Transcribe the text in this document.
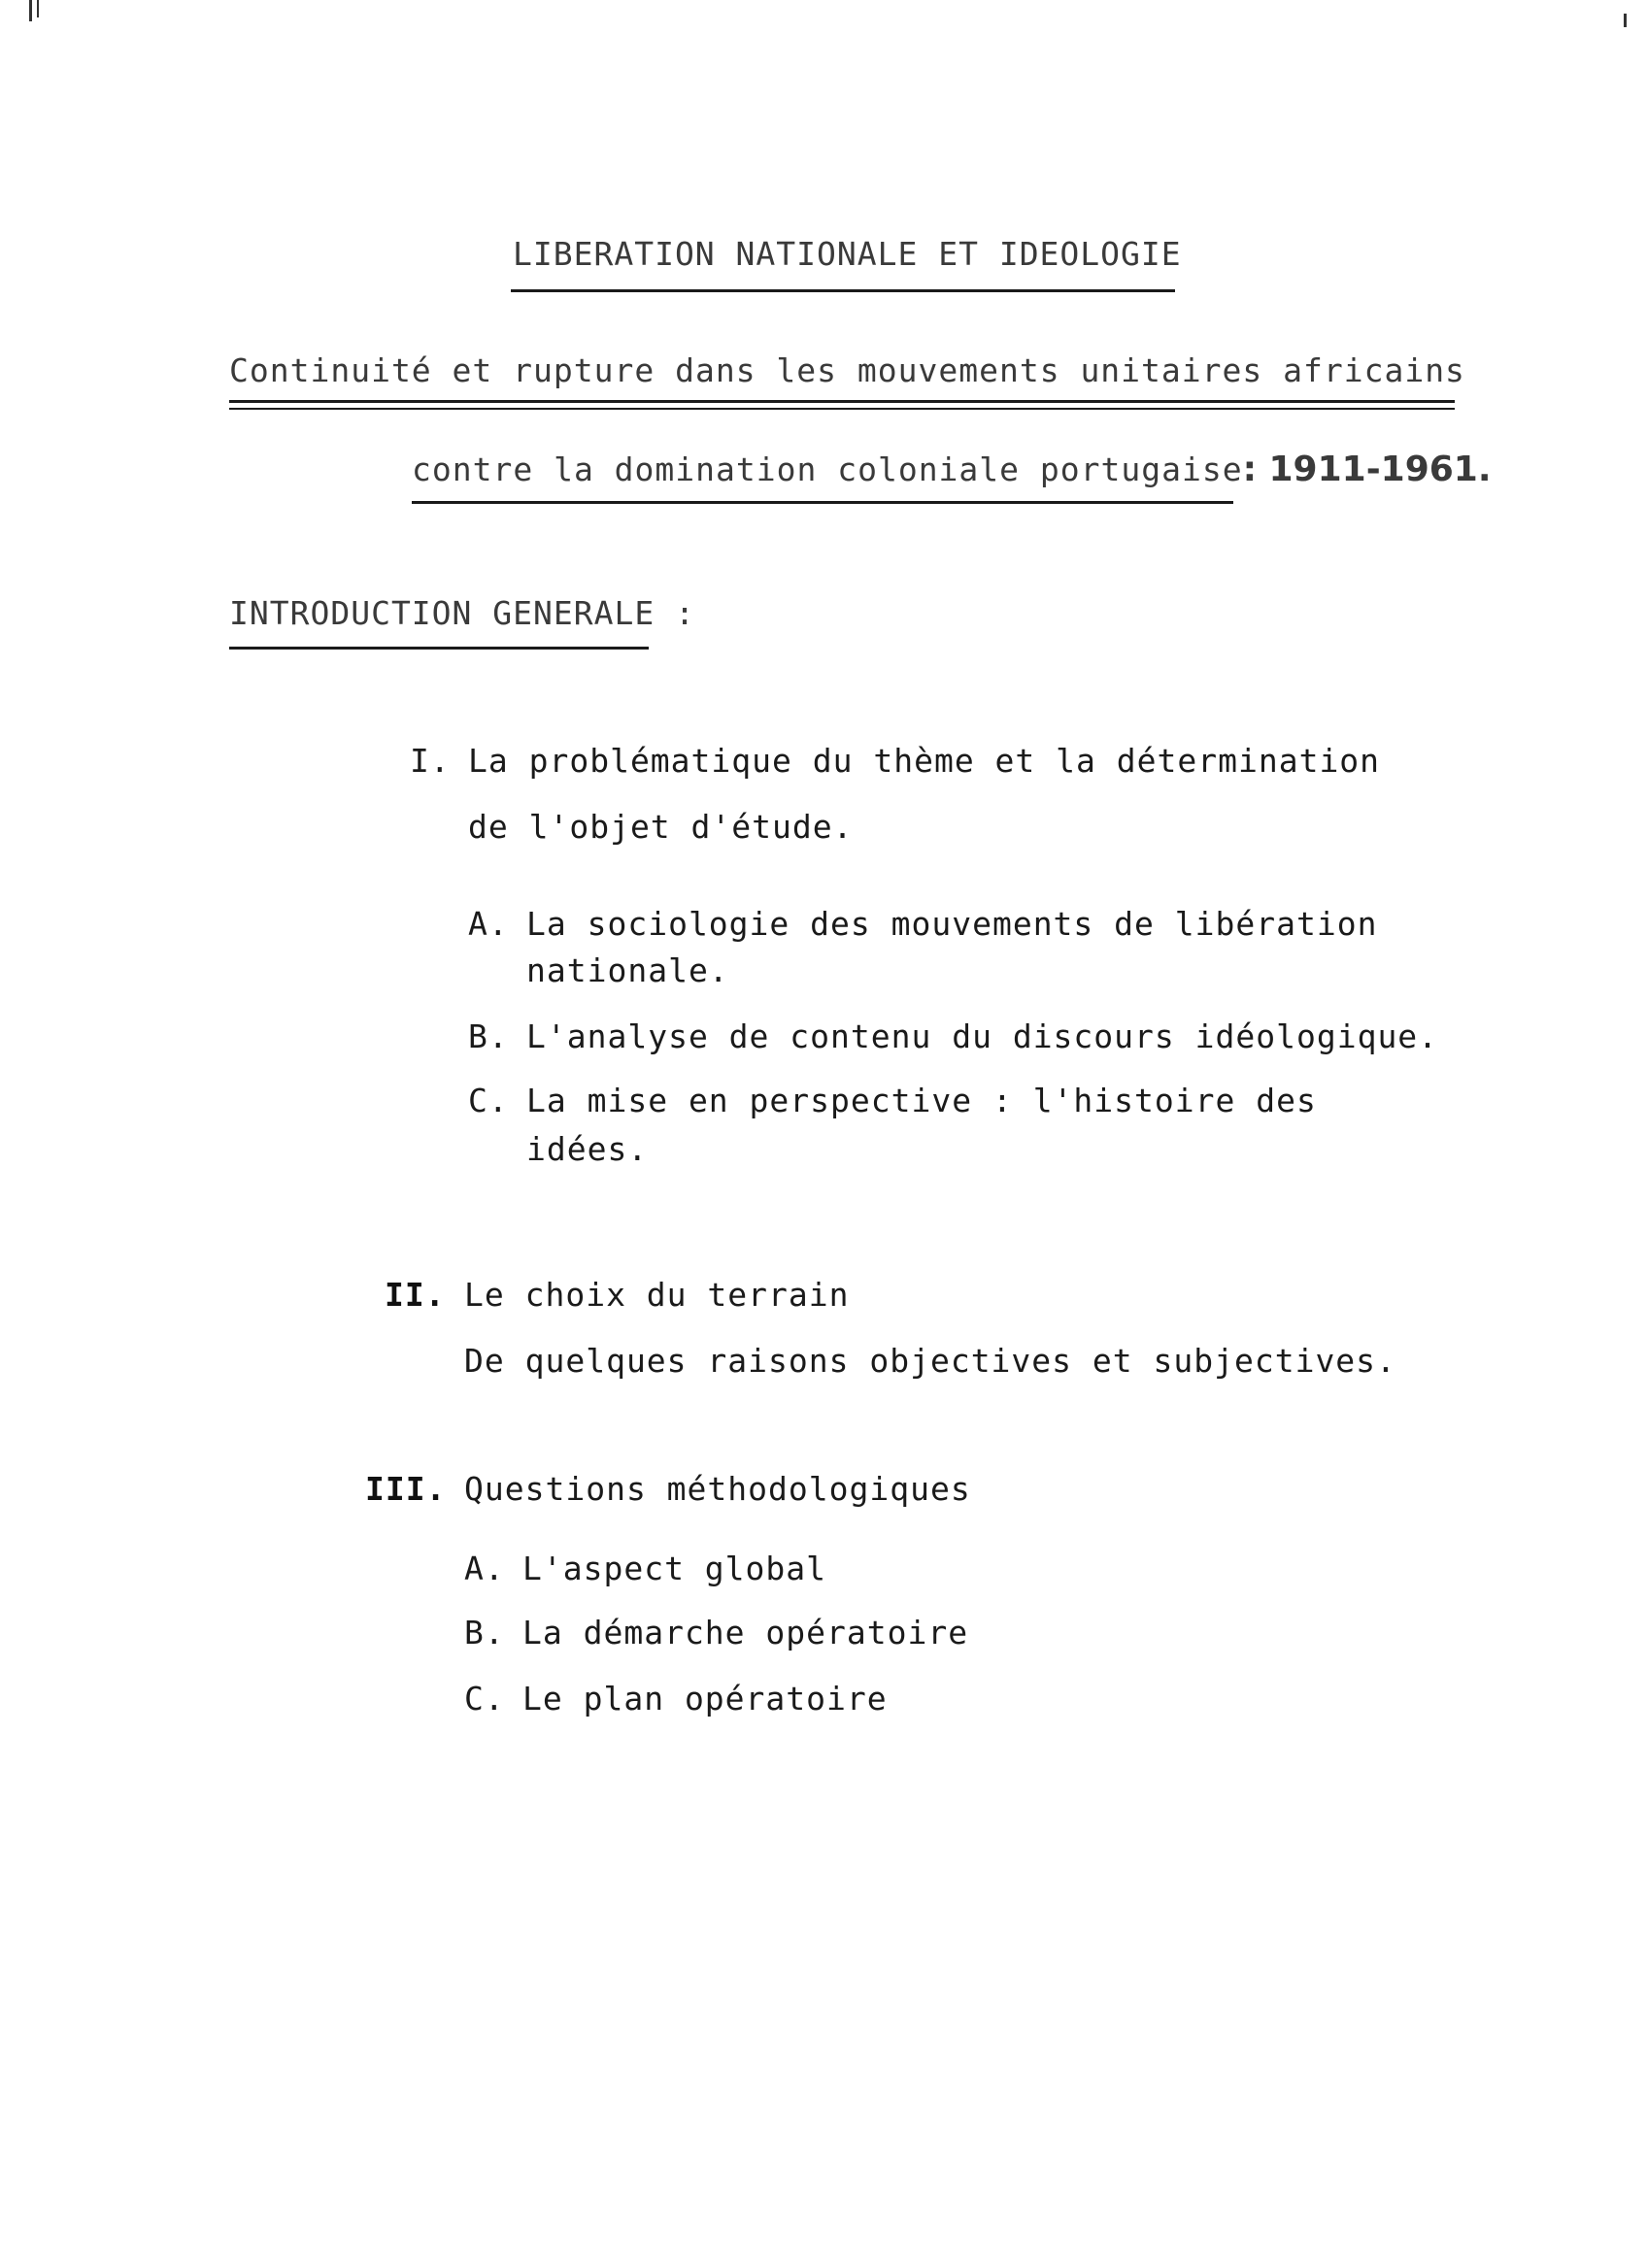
LIBERATION NATIONALE ET IDEOLOGIE
Continuité et rupture dans les mouvements unitaires africains
contre la domination coloniale portugaise: 1911-1961.
INTRODUCTION GENERALE :
I. La problématique du thème et la détermination
de l'objet d'étude.
A. La sociologie des mouvements de libération
nationale.
B. L'analyse de contenu du discours idéologique.
C. La mise en perspective : l'histoire des
idées.
II. Le choix du terrain
De quelques raisons objectives et subjectives.
III. Questions méthodologiques
A. L'aspect global
B. La démarche opératoire
C. Le plan opératoire
